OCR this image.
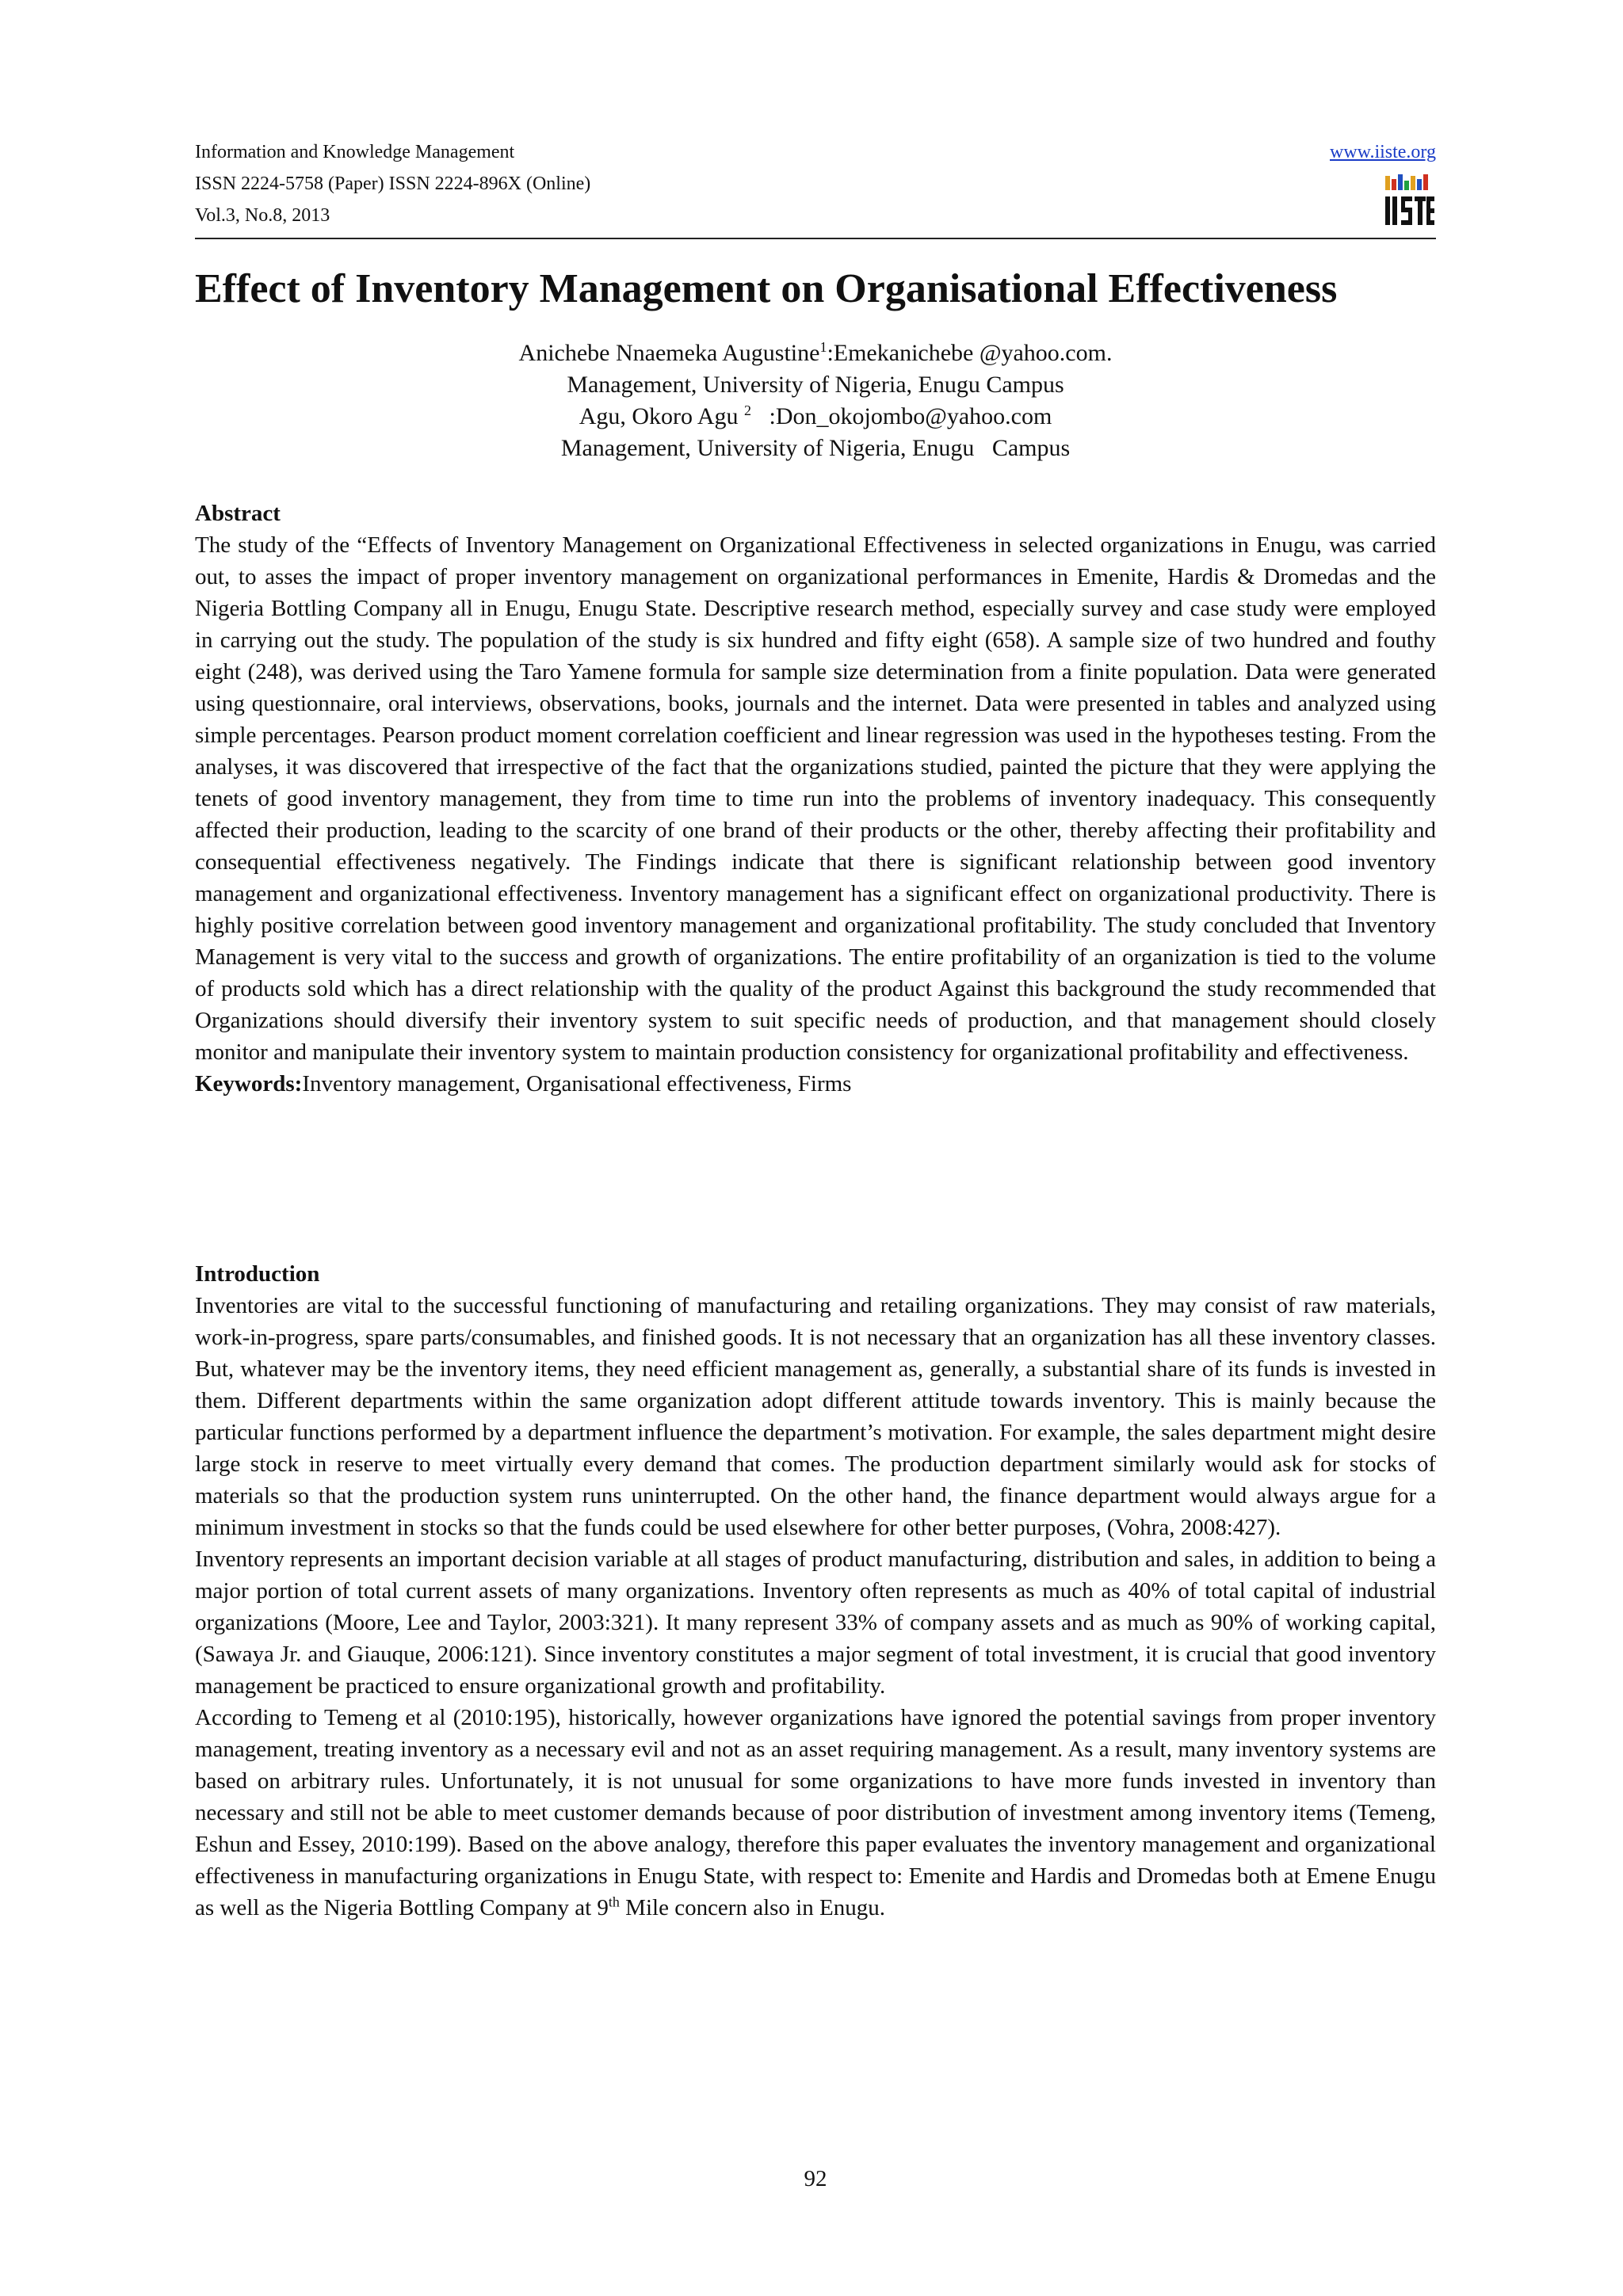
Information and Knowledge Management
ISSN 2224-5758 (Paper) ISSN 2224-896X (Online)
Vol.3, No.8, 2013
www.iiste.org
Effect of Inventory Management on Organisational Effectiveness
Anichebe Nnaemeka Augustine$^1$:Emekanichebe @yahoo.com.
Management, University of Nigeria, Enugu Campus
Agu, Okoro Agu $^2$   :Don_okojombo@yahoo.com
Management, University of Nigeria, Enugu   Campus
Abstract

The study of the “Effects of Inventory Management on Organizational Effectiveness in selected organizations in Enugu, was carried out, to asses the impact of proper inventory management on organizational performances in Emenite, Hardis & Dromedas and the Nigeria Bottling Company all in Enugu, Enugu State. Descriptive research method, especially survey and case study were employed in carrying out the study. The population of the study is six hundred and fifty eight (658). A sample size of two hundred and fouthy eight (248), was derived using the Taro Yamene formula for sample size determination from a finite population. Data were generated using questionnaire, oral interviews, observations, books, journals and the internet. Data were presented in tables and analyzed using simple percentages. Pearson product moment correlation coefficient and linear regression was used in the hypotheses testing. From the analyses, it was discovered that irrespective of the fact that the organizations studied, painted the picture that they were applying the tenets of good inventory management, they from time to time run into the problems of inventory inadequacy. This consequently affected their production, leading to the scarcity of one brand of their products or the other, thereby affecting their profitability and consequential effectiveness negatively. The Findings indicate that there is significant relationship between good inventory management and organizational effectiveness. Inventory management has a significant effect on organizational productivity. There is highly positive correlation between good inventory management and organizational profitability. The study concluded that Inventory Management is very vital to the success and growth of organizations. The entire profitability of an organization is tied to the volume of products sold which has a direct relationship with the quality of the product Against this background the study recommended that Organizations should diversify their inventory system to suit specific needs of production, and that management should closely monitor and manipulate their inventory system to maintain production consistency for organizational profitability and effectiveness.

Keywords:Inventory management, Organisational effectiveness, Firms

Introduction

Inventories are vital to the successful functioning of manufacturing and retailing organizations. They may consist of raw materials, work-in-progress, spare parts/consumables, and finished goods. It is not necessary that an organization has all these inventory classes. But, whatever may be the inventory items, they need efficient management as, generally, a substantial share of its funds is invested in them. Different departments within the same organization adopt different attitude towards inventory. This is mainly because the particular functions performed by a department influence the department’s motivation. For example, the sales department might desire large stock in reserve to meet virtually every demand that comes. The production department similarly would ask for stocks of materials so that the production system runs uninterrupted. On the other hand, the finance department would always argue for a minimum investment in stocks so that the funds could be used elsewhere for other better purposes, (Vohra, 2008:427).

Inventory represents an important decision variable at all stages of product manufacturing, distribution and sales, in addition to being a major portion of total current assets of many organizations. Inventory often represents as much as 40% of total capital of industrial organizations (Moore, Lee and Taylor, 2003:321). It many represent 33% of company assets and as much as 90% of working capital, (Sawaya Jr. and Giauque, 2006:121). Since inventory constitutes a major segment of total investment, it is crucial that good inventory management be practiced to ensure organizational growth and profitability.

According to Temeng et al (2010:195), historically, however organizations have ignored the potential savings from proper inventory management, treating inventory as a necessary evil and not as an asset requiring management. As a result, many inventory systems are based on arbitrary rules. Unfortunately, it is not unusual for some organizations to have more funds invested in inventory than necessary and still not be able to meet customer demands because of poor distribution of investment among inventory items (Temeng, Eshun and Essey, 2010:199). Based on the above analogy, therefore this paper evaluates the inventory management and organizational effectiveness in manufacturing organizations in Enugu State, with respect to: Emenite and Hardis and Dromedas both at Emene Enugu as well as the Nigeria Bottling Company at 9th Mile concern also in Enugu.

92
